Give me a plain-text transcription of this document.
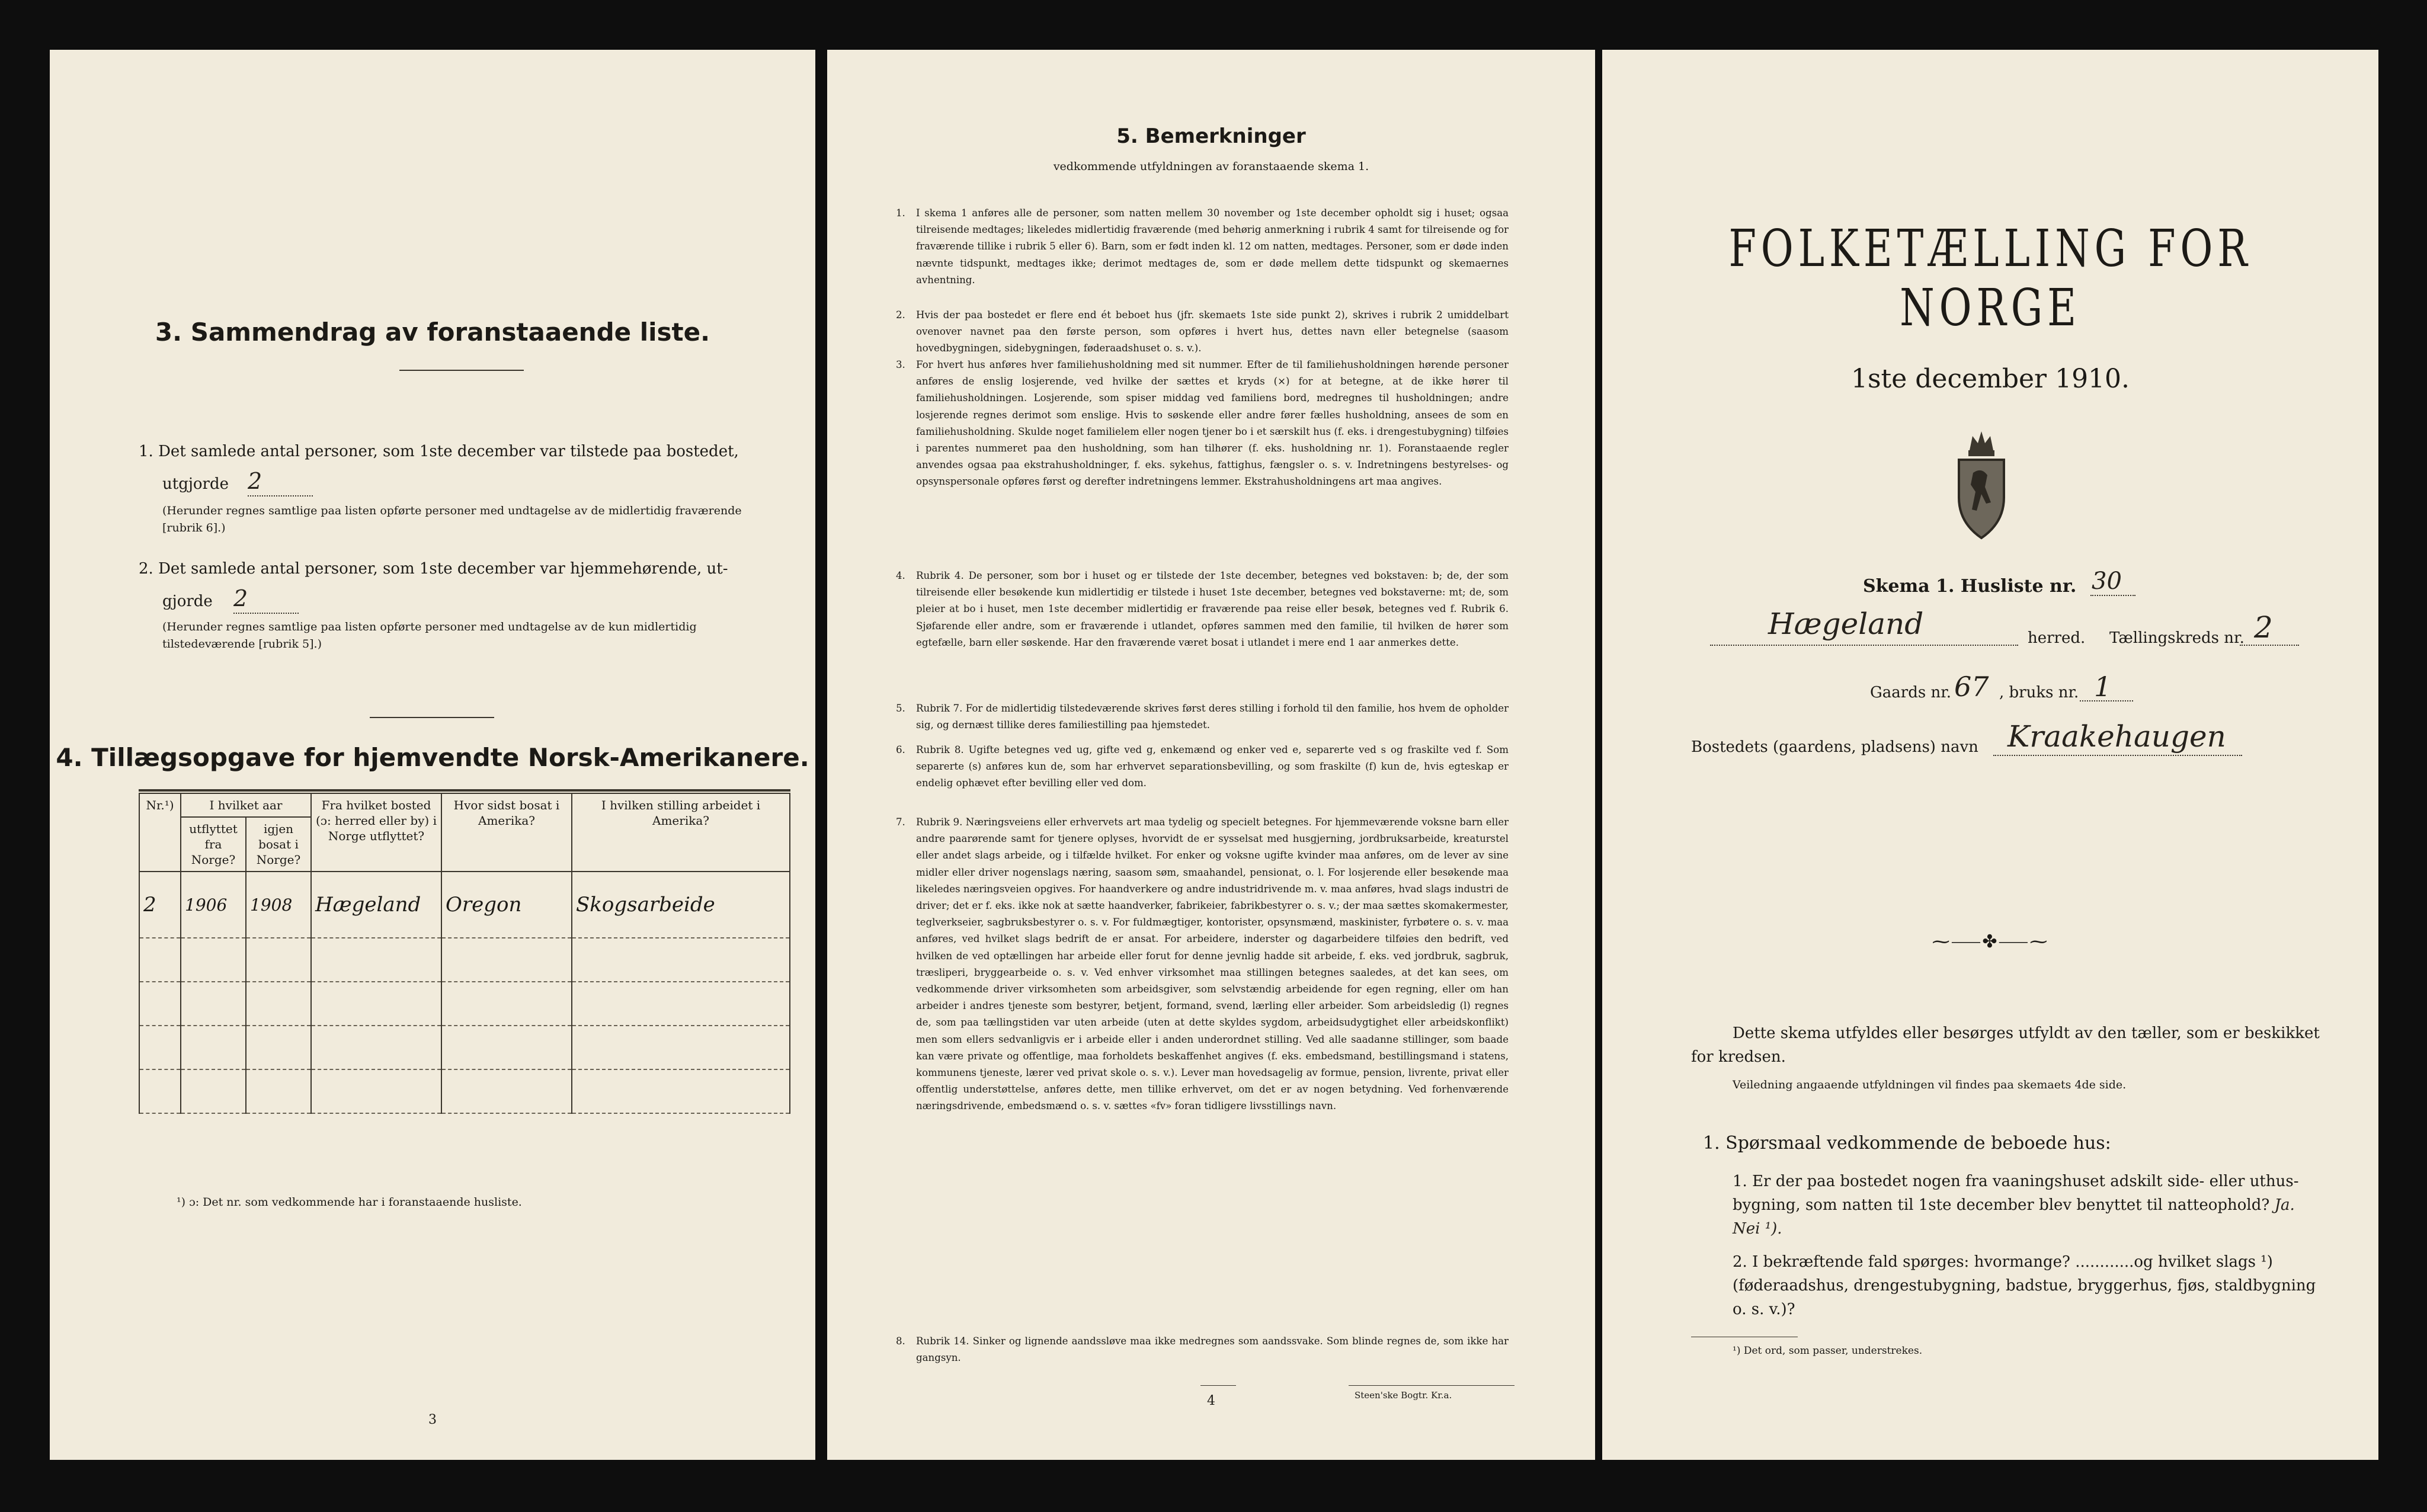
3. Sammendrag av foranstaaende liste.
1. Det samlede antal personer, som 1ste december var tilstede paa bostedet,
utgjorde 2
(Herunder regnes samtlige paa listen opførte personer med undtagelse av de midlertidig fraværende [rubrik 6].)
2. Det samlede antal personer, som 1ste december var hjemmehørende, ut-
gjorde 2
(Herunder regnes samtlige paa listen opførte personer med undtagelse av de kun midlertidig tilstedeværende [rubrik 5].)
4. Tillægsopgave for hjemvendte Norsk-Amerikanere.
Nr.¹)	I hvilket aar		Fra hvilket bosted (ɔ: herred eller by) i Norge utflyttet?	Hvor sidst bosat i Amerika?	I hvilken stilling arbeidet i Amerika?
	utflyttet fra Norge?	igjen bosat i Norge?			
2	1906	1908	Hægeland	Oregon	Skogsarbeide

¹) ɔ: Det nr. som vedkommende har i foranstaaende husliste.
3
5. Bemerkninger
vedkommende utfyldningen av foranstaaende skema 1.
1. I skema 1 anføres alle de personer, som natten mellem 30 november og 1ste december opholdt sig i huset; ogsaa tilreisende medtages; likeledes midlertidig fraværende (med behørig anmerkning i rubrik 4 samt for tilreisende og for fraværende tillike i rubrik 5 eller 6). Barn, som er født inden kl. 12 om natten, medtages. Personer, som er døde inden nævnte tidspunkt, medtages ikke; derimot medtages de, som er døde mellem dette tidspunkt og skemaernes avhentning.
2. Hvis der paa bostedet er flere end ét beboet hus (jfr. skemaets 1ste side punkt 2), skrives i rubrik 2 umiddelbart ovenover navnet paa den første person, som opføres i hvert hus, dettes navn eller betegnelse (saasom hovedbygningen, sidebygningen, føderaadshuset o. s. v.).
3. For hvert hus anføres hver familiehusholdning med sit nummer. Efter de til familiehusholdningen hørende personer anføres de enslig losjerende, ved hvilke der sættes et kryds (×) for at betegne, at de ikke hører til familiehusholdningen. Losjerende, som spiser middag ved familiens bord, medregnes til husholdningen; andre losjerende regnes derimot som enslige. Hvis to søskende eller andre fører fælles husholdning, ansees de som en familiehusholdning. Skulde noget familielem eller nogen tjener bo i et særskilt hus (f. eks. i drengestubygning) tilføies i parentes nummeret paa den husholdning, som han tilhører (f. eks. husholdning nr. 1). Foranstaaende regler anvendes ogsaa paa ekstrahusholdninger, f. eks. sykehus, fattighus, fængsler o. s. v. Indretningens bestyrelses- og opsynspersonale opføres først og derefter indretningens lemmer. Ekstrahusholdningens art maa angives.
4. Rubrik 4. De personer, som bor i huset og er tilstede der 1ste december, betegnes ved bokstaven: b; de, der som tilreisende eller besøkende kun midlertidig er tilstede i huset 1ste december, betegnes ved bokstaverne: mt; de, som pleier at bo i huset, men 1ste december midlertidig er fraværende paa reise eller besøk, betegnes ved f. Rubrik 6. Sjøfarende eller andre, som er fraværende i utlandet, opføres sammen med den familie, til hvilken de hører som egtefælle, barn eller søskende. Har den fraværende været bosat i utlandet i mere end 1 aar anmerkes dette.
5. Rubrik 7. For de midlertidig tilstedeværende skrives først deres stilling i forhold til den familie, hos hvem de opholder sig, og dernæst tillike deres familiestilling paa hjemstedet.
6. Rubrik 8. Ugifte betegnes ved ug, gifte ved g, enkemænd og enker ved e, separerte ved s og fraskilte ved f. Som separerte (s) anføres kun de, som har erhvervet separationsbevilling, og som fraskilte (f) kun de, hvis egteskap er endelig ophævet efter bevilling eller ved dom.
7. Rubrik 9. Næringsveiens eller erhvervets art maa tydelig og specielt betegnes. For hjemmeværende voksne barn eller andre paarørende samt for tjenere oplyses, hvorvidt de er sysselsat med husgjerning, jordbruksarbeide, kreaturstel eller andet slags arbeide, og i tilfælde hvilket. For enker og voksne ugifte kvinder maa anføres, om de lever av sine midler eller driver nogenslags næring, saasom søm, smaahandel, pensionat, o. l. For losjerende eller besøkende maa likeledes næringsveien opgives. For haandverkere og andre industridrivende m. v. maa anføres, hvad slags industri de driver; det er f. eks. ikke nok at sætte haandverker, fabrikeier, fabrikbestyrer o. s. v.; der maa sættes skomakermester, teglverkseier, sagbruksbestyrer o. s. v. For fuldmægtiger, kontorister, opsynsmænd, maskinister, fyrbøtere o. s. v. maa anføres, ved hvilket slags bedrift de er ansat. For arbeidere, inderster og dagarbeidere tilføies den bedrift, ved hvilken de ved optællingen har arbeide eller forut for denne jevnlig hadde sit arbeide, f. eks. ved jordbruk, sagbruk, træsliperi, bryggearbeide o. s. v. Ved enhver virksomhet maa stillingen betegnes saaledes, at det kan sees, om vedkommende driver virksomheten som arbeidsgiver, som selvstændig arbeidende for egen regning, eller om han arbeider i andres tjeneste som bestyrer, betjent, formand, svend, lærling eller arbeider. Som arbeidsledig (l) regnes de, som paa tællingstiden var uten arbeide (uten at dette skyldes sygdom, arbeidsudygtighet eller arbeidskonflikt) men som ellers sedvanligvis er i arbeide eller i anden underordnet stilling. Ved alle saadanne stillinger, som baade kan være private og offentlige, maa forholdets beskaffenhet angives (f. eks. embedsmand, bestillingsmand i statens, kommunens tjeneste, lærer ved privat skole o. s. v.). Lever man hovedsagelig av formue, pension, livrente, privat eller offentlig understøttelse, anføres dette, men tillike erhvervet, om det er av nogen betydning. Ved forhenværende næringsdrivende, embedsmænd o. s. v. sættes «fv» foran tidligere livsstillings navn.
8. Rubrik 14. Sinker og lignende aandssløve maa ikke medregnes som aandssvake. Som blinde regnes de, som ikke har gangsyn.
4	Steen'ske Bogtr. Kr.a.
FOLKETÆLLING FOR NORGE
1ste december 1910.
Skema 1. Husliste nr. 30
Hægeland	herred. Tællingskreds nr. 2
Gaards nr. 67 , bruks nr. 1
Bostedets (gaardens, pladsens) navn Kraakehaugen
⁓⸺✤⸺⁓
Dette skema utfyldes eller besørges utfyldt av den tæller, som er beskikket for kredsen.
Veiledning angaaende utfyldningen vil findes paa skemaets 4de side.
1. Spørsmaal vedkommende de beboede hus:
1. Er der paa bostedet nogen fra vaaningshuset adskilt side- eller uthus-bygning, som natten til 1ste december blev benyttet til natteophold? Ja. Nei ¹).
2. I bekræftende fald spørges: hvormange? ............og hvilket slags ¹) (føderaadshus, drengestubygning, badstue, bryggerhus, fjøs, staldbygning o. s. v.)?
¹) Det ord, som passer, understrekes.
